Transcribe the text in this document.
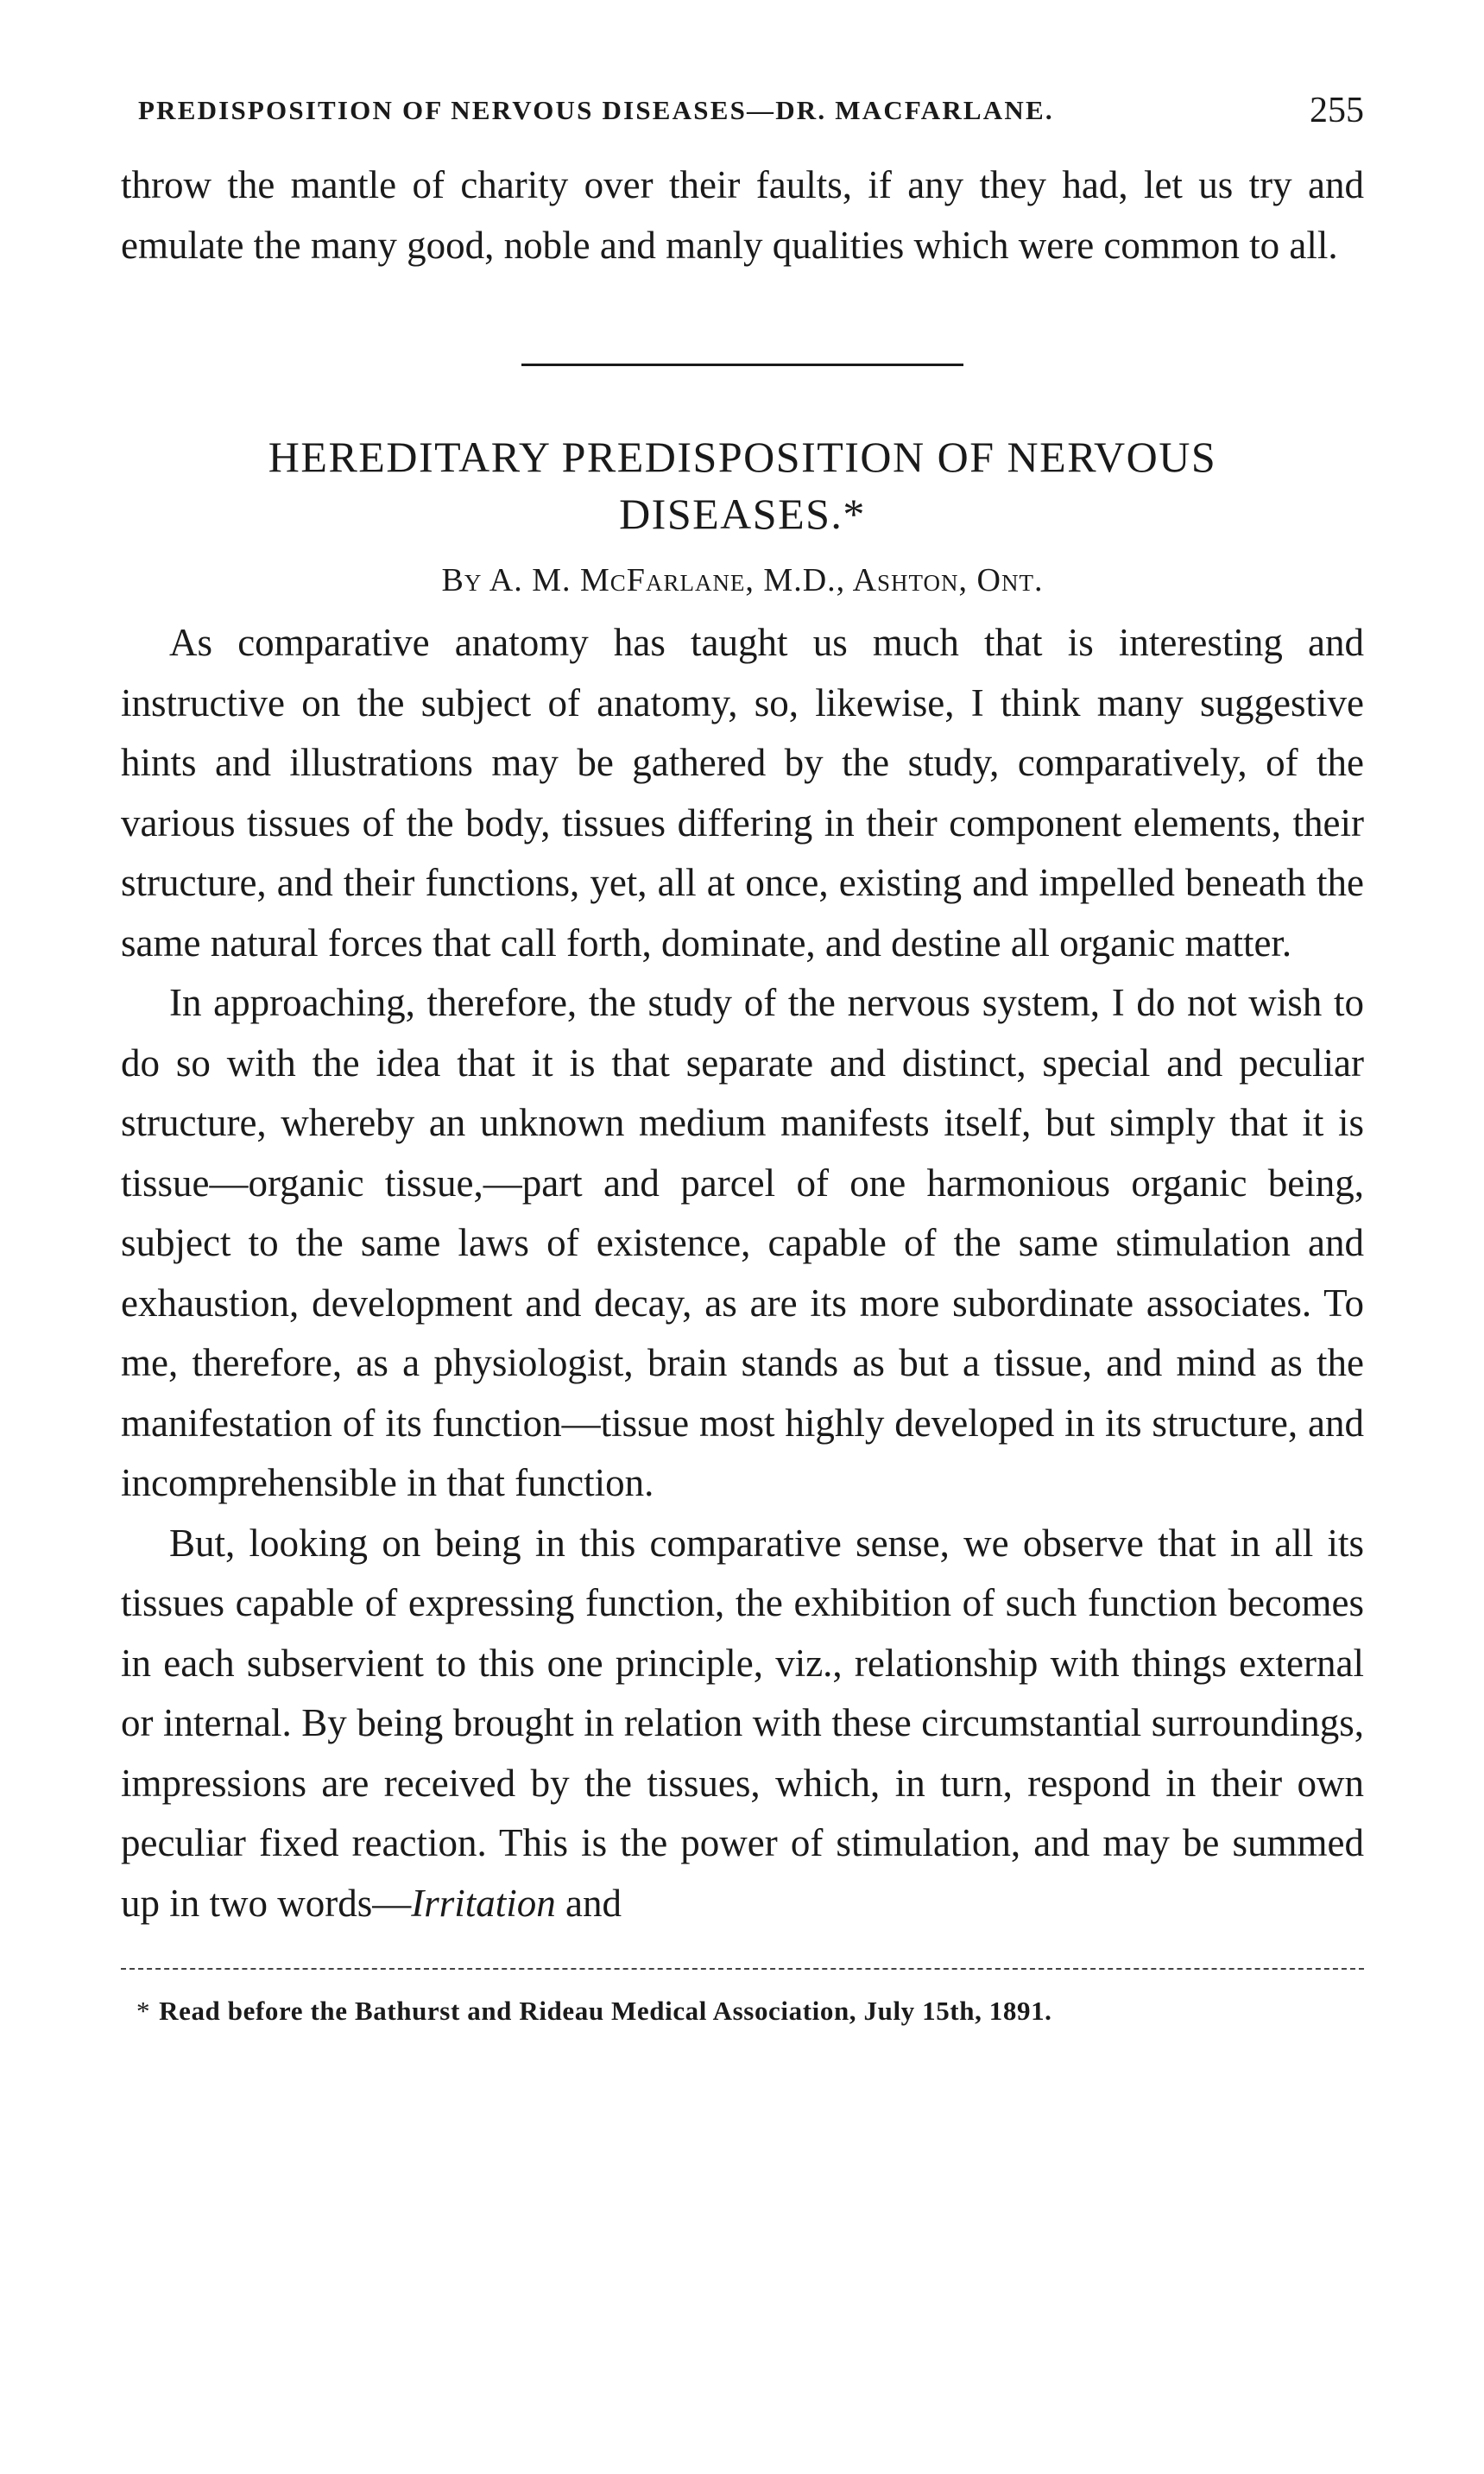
PREDISPOSITION OF NERVOUS DISEASES—DR. MACFARLANE.	255

throw the mantle of charity over their faults, if any they had, let us try and emulate the many good, noble and manly qualities which were common to all.

HEREDITARY PREDISPOSITION OF NERVOUS
DISEASES.*
By A. M. McFarlane, M.D., Ashton, Ont.

As comparative anatomy has taught us much that is interesting and instructive on the subject of anatomy, so, likewise, I think many suggestive hints and illustrations may be gathered by the study, comparatively, of the various tissues of the body, tissues differing in their component elements, their structure, and their functions, yet, all at once, existing and impelled beneath the same natural forces that call forth, dominate, and destine all organic matter.

In approaching, therefore, the study of the nervous system, I do not wish to do so with the idea that it is that separate and distinct, special and peculiar structure, whereby an unknown medium manifests itself, but simply that it is tissue—organic tissue,—part and parcel of one harmonious organic being, subject to the same laws of existence, capable of the same stimulation and exhaustion, development and decay, as are its more subordinate associates. To me, therefore, as a physiologist, brain stands as but a tissue, and mind as the manifestation of its function—tissue most highly developed in its structure, and incomprehensible in that function.

But, looking on being in this comparative sense, we observe that in all its tissues capable of expressing function, the exhibition of such function becomes in each subservient to this one principle, viz., relationship with things external or internal. By being brought in relation with these circumstantial surroundings, impressions are received by the tissues, which, in turn, respond in their own peculiar fixed reaction. This is the power of stimulation, and may be summed up in two words—Irritation and

* Read before the Bathurst and Rideau Medical Association, July 15th, 1891.
